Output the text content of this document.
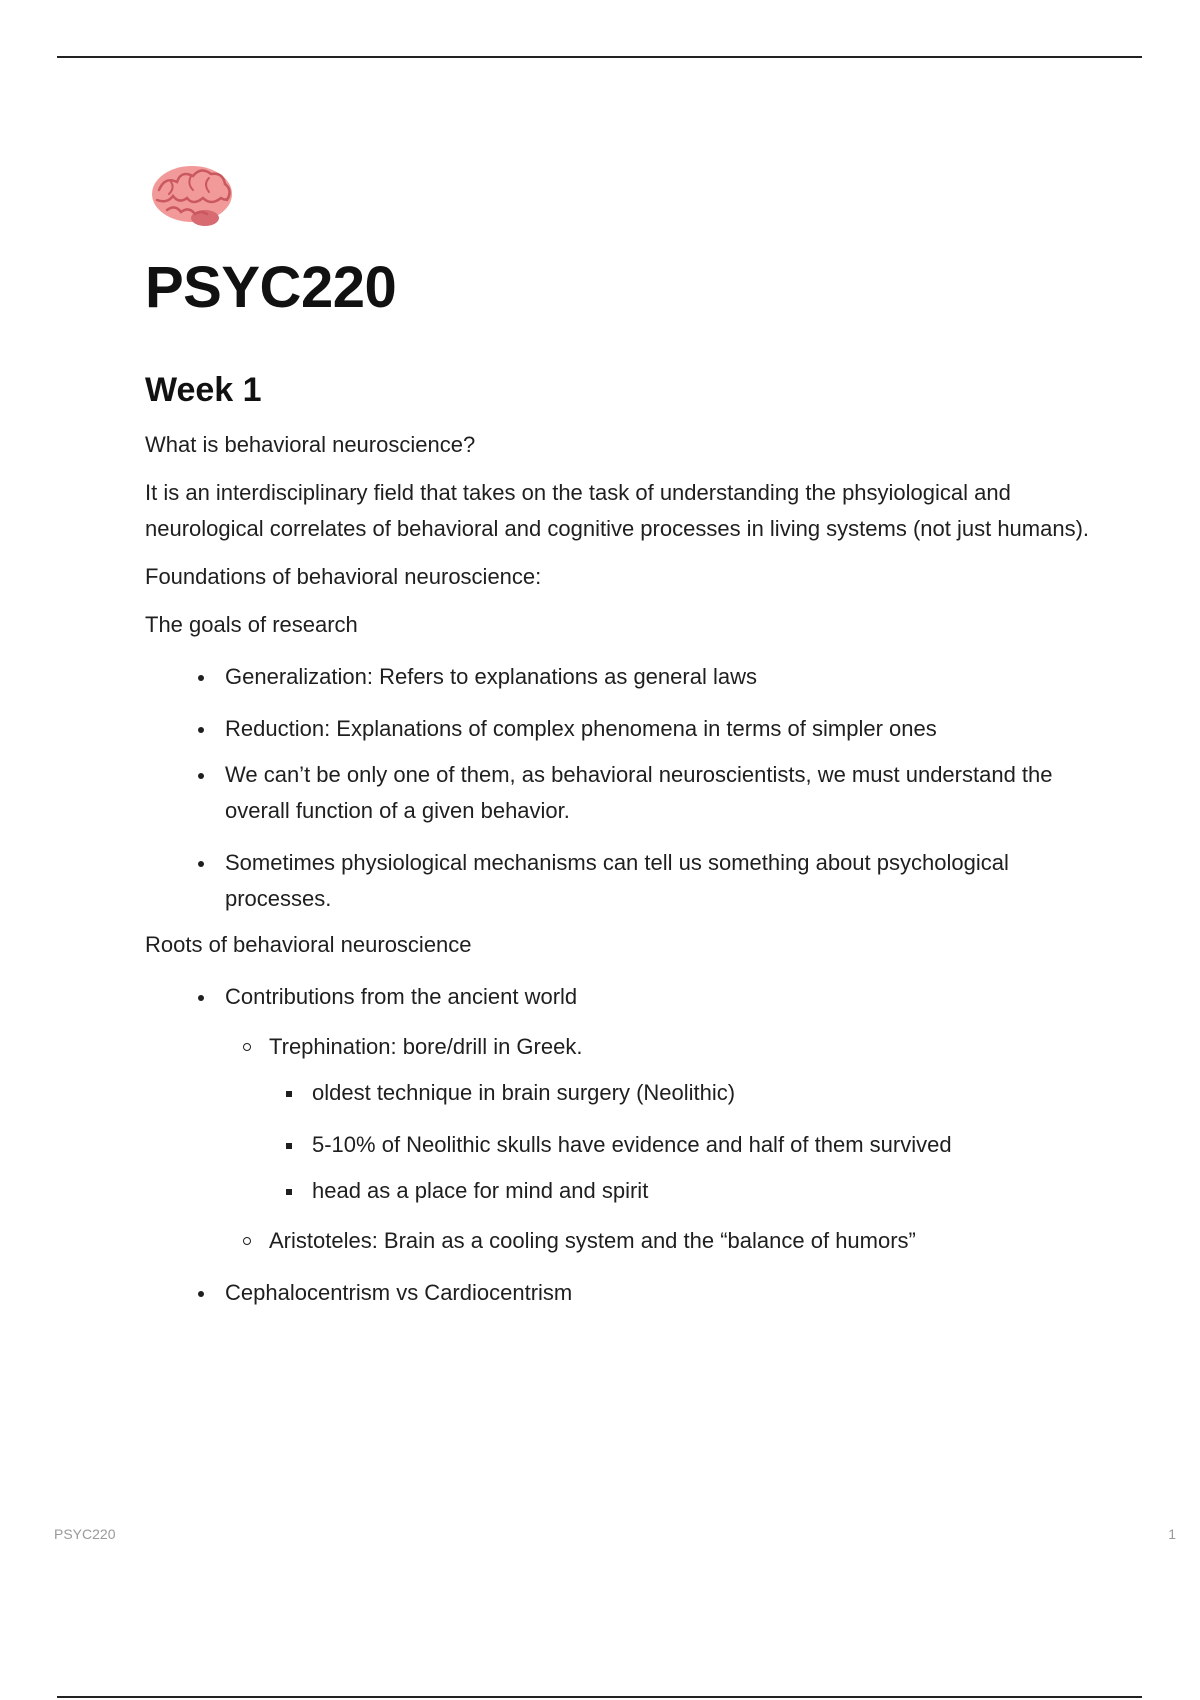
PSYC220
Week 1

What is behavioral neuroscience?

It is an interdisciplinary field that takes on the task of understanding the phsyiological and neurological correlates of behavioral and cognitive processes in living systems (not just humans).

Foundations of behavioral neuroscience:

The goals of research

Generalization: Refers to explanations as general laws
Reduction: Explanations of complex phenomena in terms of simpler ones
We can’t be only one of them, as behavioral neuroscientists, we must understand the overall function of a given behavior.
Sometimes physiological mechanisms can tell us something about psychological processes.

Roots of behavioral neuroscience

Contributions from the ancient world
Trephination: bore/drill in Greek.
oldest technique in brain surgery (Neolithic)
5-10% of Neolithic skulls have evidence and half of them survived
head as a place for mind and spirit
Aristoteles: Brain as a cooling system and the “balance of humors”
Cephalocentrism vs Cardiocentrism
PSYC220	1
